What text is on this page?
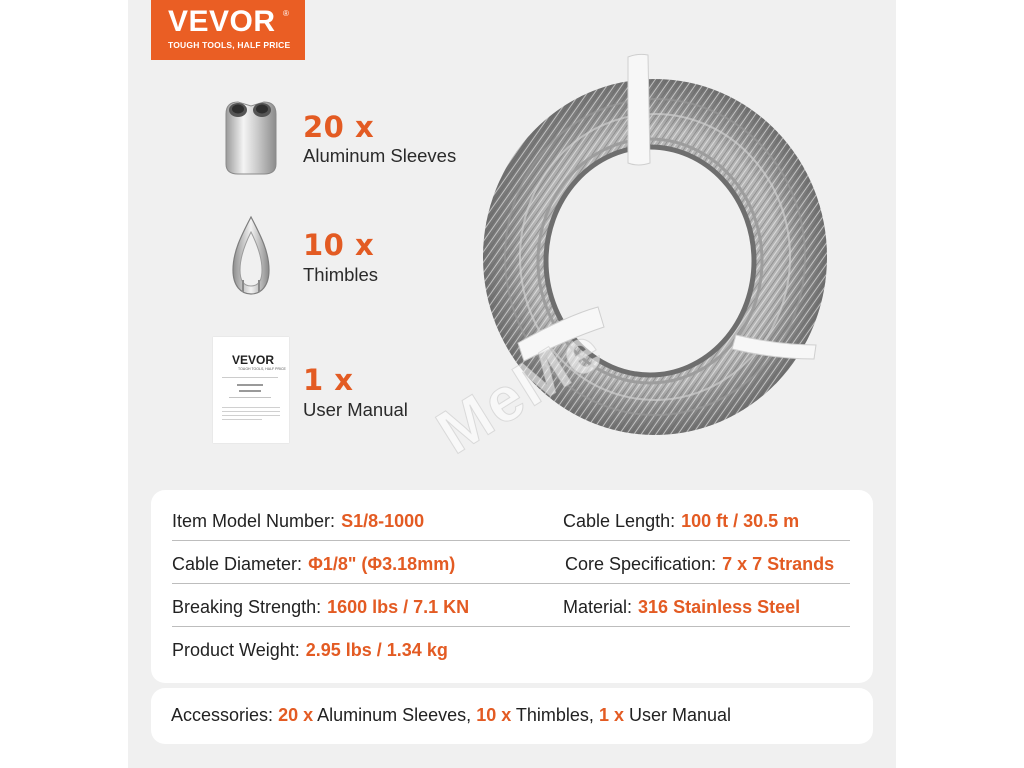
VEVOR ®
TOUGH TOOLS, HALF PRICE
20 x
Aluminum Sleeves
10 x
Thimbles
VEVOR
TOUGH TOOLS, HALF PRICE 1 x
User Manual MeMe
Item Model Number: S1/8-1000	Cable Length: 100 ft / 30.5 m
Cable Diameter: Φ1/8" (Φ3.18mm)	Core Specification: 7 x 7 Strands
Breaking Strength: 1600 lbs / 7.1 KN	Material: 316 Stainless Steel
Product Weight: 2.95 lbs / 1.34 kg
Accessories: 20 x Aluminum Sleeves, 10 x Thimbles, 1 x User Manual
